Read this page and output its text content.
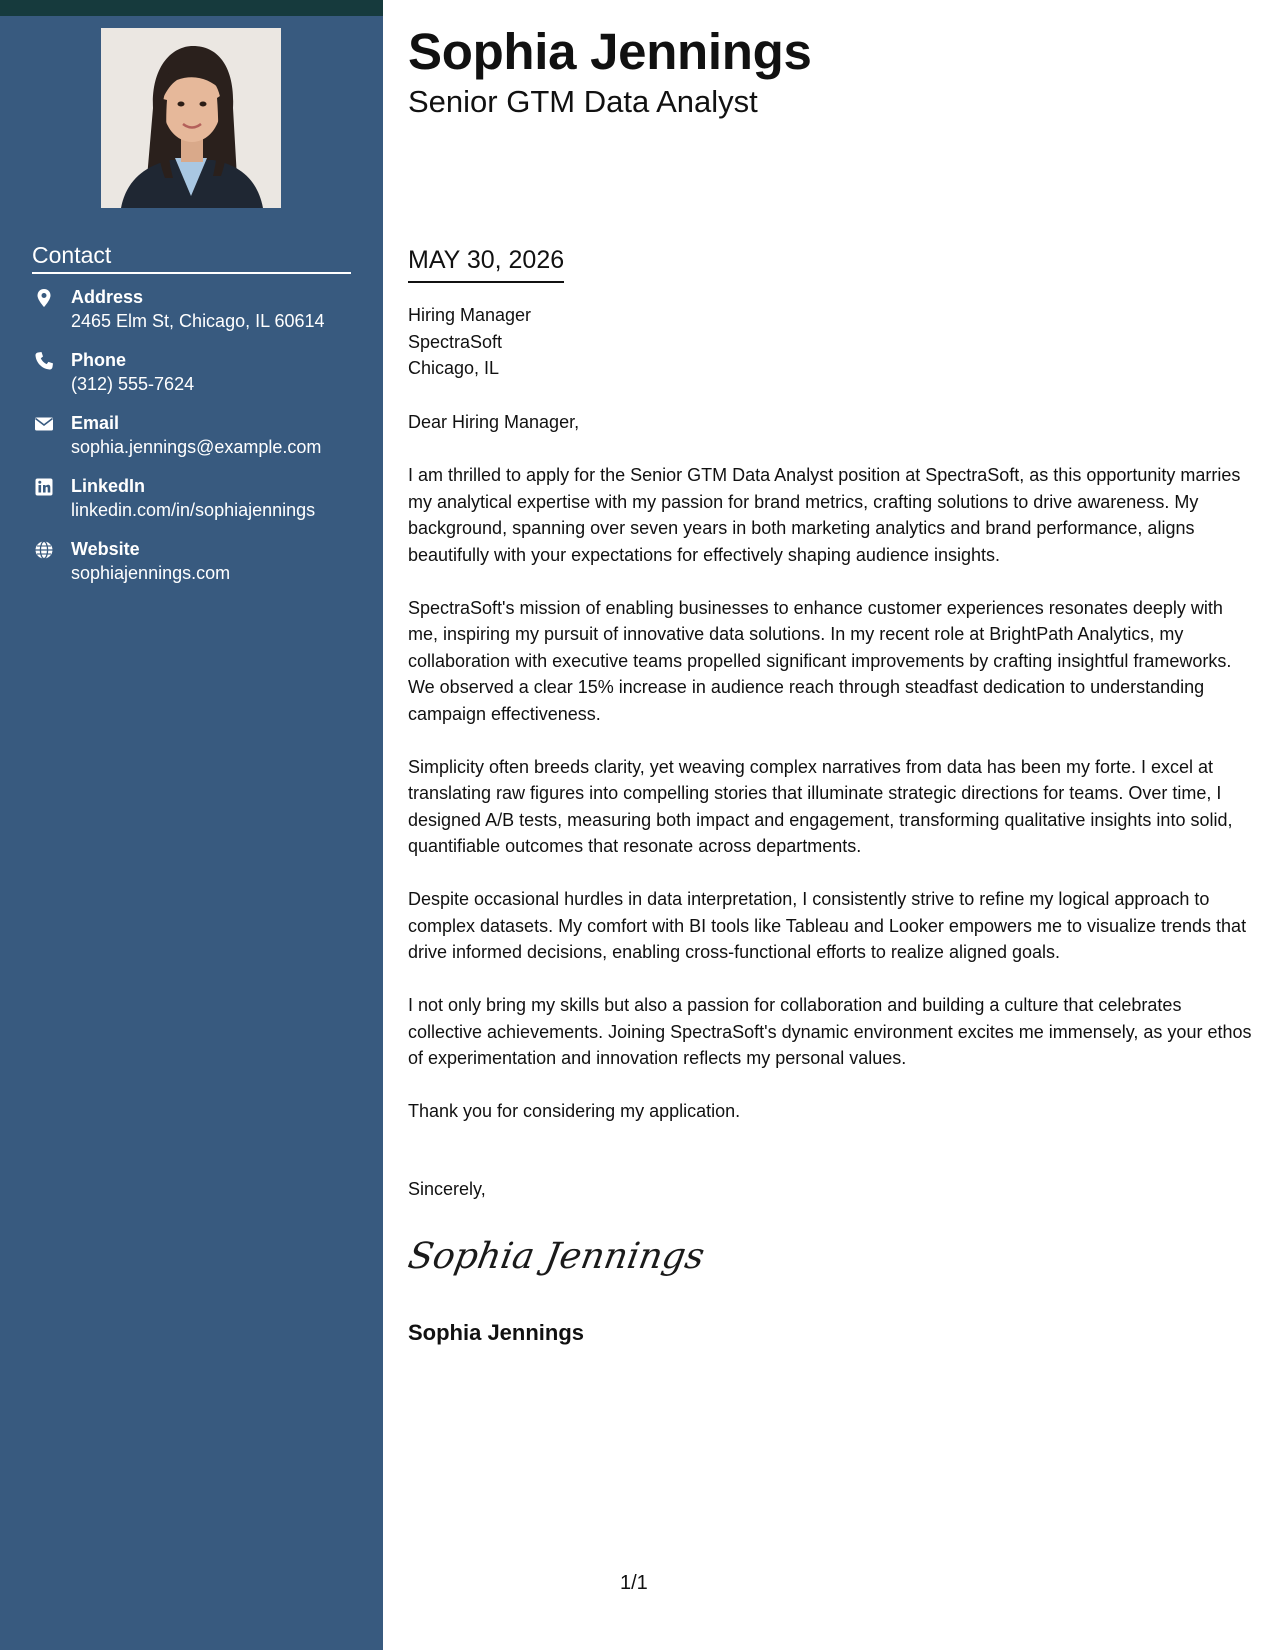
Contact
Address
2465 Elm St, Chicago, IL 60614
Phone
(312) 555-7624
Email
sophia.jennings@example.com
LinkedIn
linkedin.com/in/sophiajennings
Website
sophiajennings.com
Sophia Jennings
Senior GTM Data Analyst
MAY 30, 2026
Hiring Manager
SpectraSoft
Chicago, IL

Dear Hiring Manager,

I am thrilled to apply for the Senior GTM Data Analyst position at SpectraSoft, as this opportunity marries my analytical expertise with my passion for brand metrics, crafting solutions to drive awareness. My background, spanning over seven years in both marketing analytics and brand performance, aligns beautifully with your expectations for effectively shaping audience insights.

SpectraSoft's mission of enabling businesses to enhance customer experiences resonates deeply with me, inspiring my pursuit of innovative data solutions. In my recent role at BrightPath Analytics, my collaboration with executive teams propelled significant improvements by crafting insightful frameworks. We observed a clear 15% increase in audience reach through steadfast dedication to understanding campaign effectiveness.

Simplicity often breeds clarity, yet weaving complex narratives from data has been my forte. I excel at translating raw figures into compelling stories that illuminate strategic directions for teams. Over time, I designed A/B tests, measuring both impact and engagement, transforming qualitative insights into solid, quantifiable outcomes that resonate across departments.

Despite occasional hurdles in data interpretation, I consistently strive to refine my logical approach to complex datasets. My comfort with BI tools like Tableau and Looker empowers me to visualize trends that drive informed decisions, enabling cross-functional efforts to realize aligned goals.

I not only bring my skills but also a passion for collaboration and building a culture that celebrates collective achievements. Joining SpectraSoft's dynamic environment excites me immensely, as your ethos of experimentation and innovation reflects my personal values.

Thank you for considering my application.

Sincerely,
Sophia Jennings
Sophia Jennings
1/1
